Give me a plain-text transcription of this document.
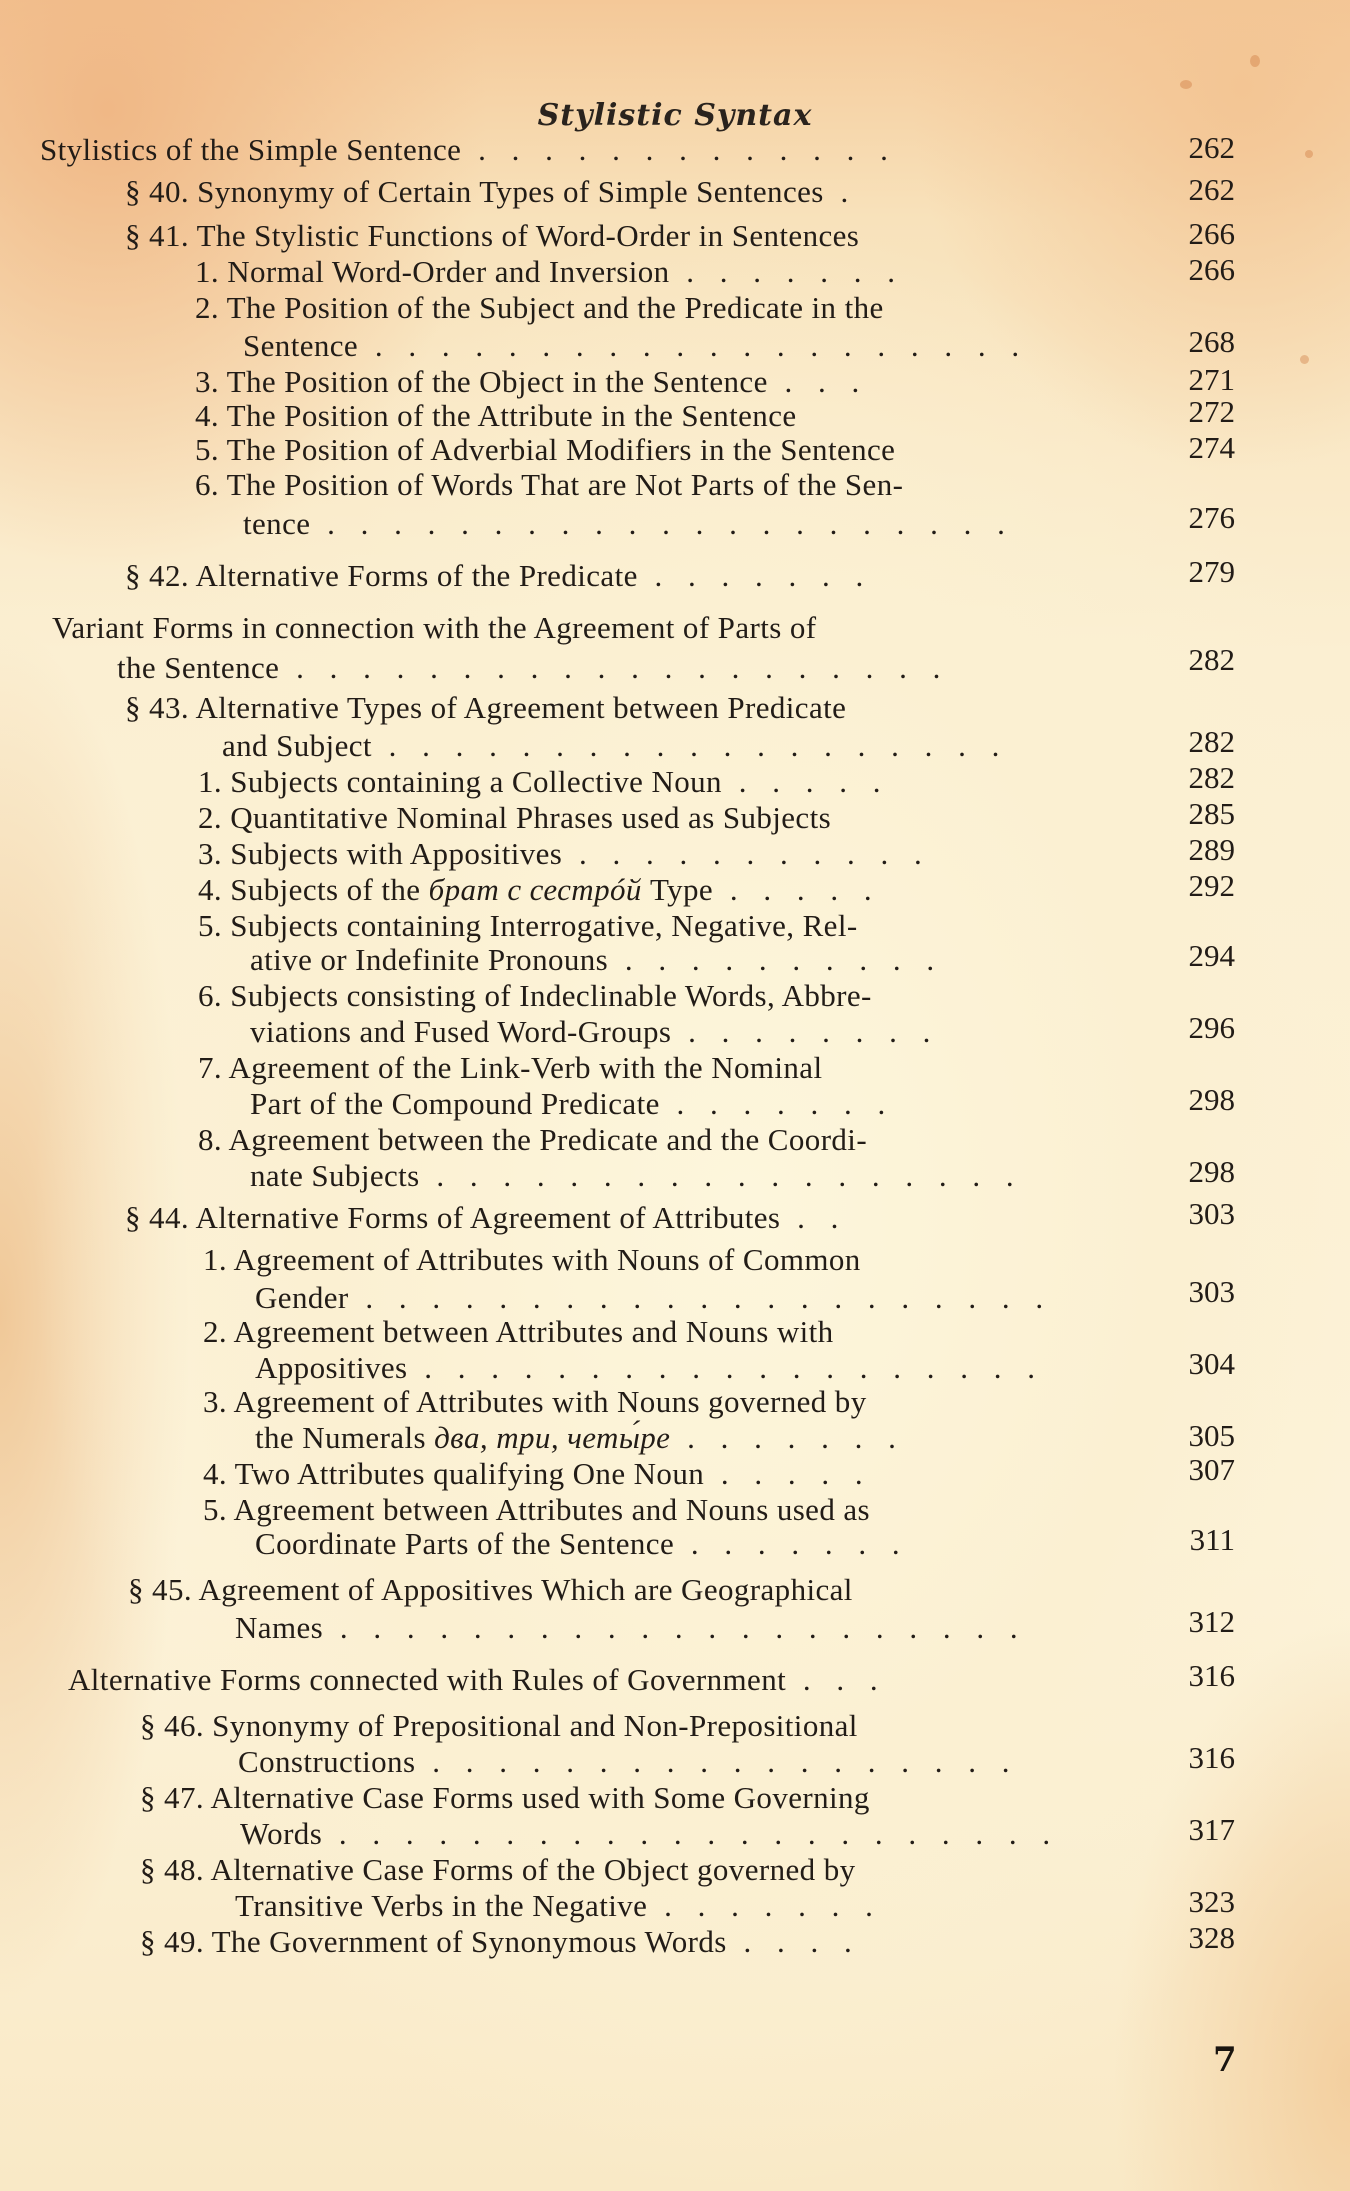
Stylistic Syntax
Stylistics of the Simple Sentence . . . . . . . . . . . . .	262
§ 40. Synonymy of Certain Types of Simple Sentences .	262
§ 41. The Stylistic Functions of Word-Order in Sentences	266
1. Normal Word-Order and Inversion . . . . . . .	266
2. The Position of the Subject and the Predicate in the
Sentence . . . . . . . . . . . . . . . . . . . .	268
3. The Position of the Object in the Sentence . . .	271
4. The Position of the Attribute in the Sentence	272
5. The Position of Adverbial Modifiers in the Sentence	274
6. The Position of Words That are Not Parts of the Sen-
tence . . . . . . . . . . . . . . . . . . . . .	276
§ 42. Alternative Forms of the Predicate . . . . . . .	279
Variant Forms in connection with the Agreement of Parts of
the Sentence . . . . . . . . . . . . . . . . . . . .	282
§ 43. Alternative Types of Agreement between Predicate
and Subject . . . . . . . . . . . . . . . . . . .	282
1. Subjects containing a Collective Noun . . . . .	282
2. Quantitative Nominal Phrases used as Subjects	285
3. Subjects with Appositives . . . . . . . . . . .	289
4. Subjects of the брат с сестрóй Type . . . . .	292
5. Subjects containing Interrogative, Negative, Rel-
ative or Indefinite Pronouns . . . . . . . . . .	294
6. Subjects consisting of Indeclinable Words, Abbre-
viations and Fused Word-Groups . . . . . . . .	296
7. Agreement of the Link-Verb with the Nominal
Part of the Compound Predicate . . . . . . .	298
8. Agreement between the Predicate and the Coordi-
nate Subjects . . . . . . . . . . . . . . . . . .	298
§ 44. Alternative Forms of Agreement of Attributes . .	303
1. Agreement of Attributes with Nouns of Common
Gender . . . . . . . . . . . . . . . . . . . . .	303
2. Agreement between Attributes and Nouns with
Appositives . . . . . . . . . . . . . . . . . . .	304
3. Agreement of Attributes with Nouns governed by
the Numerals двa, три, четы́ре . . . . . . .	305
4. Two Attributes qualifying One Noun . . . . .	307
5. Agreement between Attributes and Nouns used as
Coordinate Parts of the Sentence . . . . . . .	311
§ 45. Agreement of Appositives Which are Geographical
Names . . . . . . . . . . . . . . . . . . . . .	312
Alternative Forms connected with Rules of Government . . .	316
§ 46. Synonymy of Prepositional and Non-Prepositional
Constructions . . . . . . . . . . . . . . . . . .	316
§ 47. Alternative Case Forms used with Some Governing
Words . . . . . . . . . . . . . . . . . . . . . .	317
§ 48. Alternative Case Forms of the Object governed by
Transitive Verbs in the Negative . . . . . . .	323
§ 49. The Government of Synonymous Words . . . .	328
7
